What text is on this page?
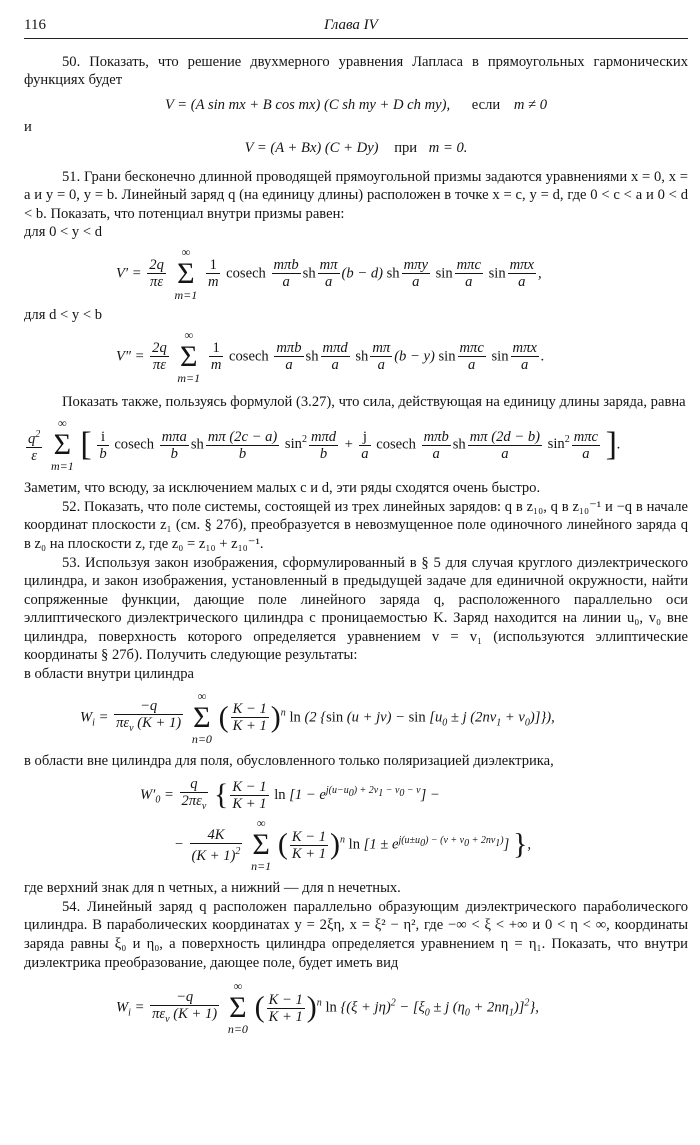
116	Глава IV

50. Показать, что решение двухмерного уравнения Лапласа в прямоугольных гармонических функциях будет

V = (A sin mx + B cos mx) (C sh my + D ch my), если m ≠ 0

и

V = (A + Bx) (C + Dy) при m = 0.

51. Грани бесконечно длинной проводящей прямоугольной призмы задаются уравнениями x = 0, x = a и y = 0, y = b. Линейный заряд q (на единицу длины) расположен в точке x = c, y = d, где 0 < c < a и 0 < d < b. Показать, что потенциал внутри призмы равен:

для 0 < y < d

$V' = \frac{2q}{\pi\varepsilon}$

∞
Σ
m=1

$\frac{1}{m}$ cosech $\frac{\text{mπb}}{a}$ sh $\frac{m\pi}{a} (b - d)$ sh $\frac{\text{mπy}}{a}$ $\sin \frac{\text{mπc}}{a}$ $\sin \frac{\text{mπx}}{a}$ ,

для d < y < b

$V'' = \frac{2q}{\pi\varepsilon}$

∞
Σ
m=1

$\frac{1}{m}$ cosech $\frac{\text{mπb}}{a}$ sh $\frac{\text{mπd}}{a}$ sh $\frac{m\pi}{a} (b - y)$ $\sin \frac{\text{mπc}}{a}$ $\sin \frac{\text{mπx}}{a}$ .

Показать также, пользуясь формулой (3.27), что сила, действующая на единицу длины заряда, равна

$\frac{q^2}{\varepsilon}$

∞
Σ
m=1
[ $\frac{i}{b}$ cosech $\frac{\text{mπa}}{b}$ sh $\frac{m\pi (2c - a)}{b} \sin^2 \frac{\text{mπd}}{b} + \frac{j}{a}$ cosech $\frac{\text{mπb}}{a}$ sh $\frac{m\pi (2d - b)}{a} \sin^2 \frac{\text{mπc}}{a}$ ].

Заметим, что всюду, за исключением малых c и d, эти ряды сходятся очень быстро.

52. Показать, что поле системы, состоящей из трех линейных зарядов: q в z₁₀, q в z₁₀⁻¹ и −q в начале координат плоскости z₁ (см. § 27б), преобразуется в невозмущенное поле одиночного линейного заряда q в z₀ на плоскости z, где z₀ = z₁₀ + z₁₀⁻¹.

53. Используя закон изображения, сформулированный в § 5 для случая круглого диэлектрического цилиндра, и закон изображения, установленный в предыдущей задаче для единичной окружности, найти сопряженные функции, дающие поле линейного заряда q, расположенного параллельно оси эллиптического диэлектрического цилиндра с проницаемостью K. Заряд находится на линии u₀, v₀ вне цилиндра, поверхность которого определяется уравнением v = v₁ (используются эллиптические координаты § 27б). Получить следующие результаты:

в области внутри цилиндра

$W_i = \frac{-q}{\pi\varepsilon_v (K + 1)}$

∞
Σ
n=0
( $\frac{K - 1}{K + 1} )^n$ ln (2 {sin $(u + jv) - \sin [u_0 \pm j$ $(2nv_1 + v_0)$]}),

в области вне цилиндра для поля, обусловленного только поляризацией диэлектрика,

$W'_0 = \frac{q}{2\pi\varepsilon_v}$ { $\frac{K - 1}{K + 1}$ $\ln [1 - e^{j(u-u_0) + 2v_1 - v_0 - v}]$ −

− $\frac{4K}{(K + 1)^2}$

∞
Σ
n=1
( $\frac{K - 1}{K + 1} )^n$ $\ln [1 \pm e^{j(u\pm u_0) - (v + v_0 + 2nv_1)}]$ },

где верхний знак для n четных, а нижний — для n нечетных.

54. Линейный заряд q расположен параллельно образующим диэлектрического параболического цилиндра. В параболических координатах y = 2ξη, x = ξ² − η², где −∞ < ξ < +∞ и 0 < η < ∞, координаты заряда равны ξ₀ и η₀, а поверхность цилиндра определяется уравнением η = η₁. Показать, что внутри диэлектрика преобразование, дающее поле, будет иметь вид

$W_i = \frac{-q}{\pi\varepsilon_v (K + 1)}$

∞
Σ
n=0
( $\frac{K - 1}{K + 1} )^n$ $\ln \{(\xi + j\eta)^2 - [\xi_0 \pm j$ $(\eta_0 + 2n\eta_1)]^2$},
